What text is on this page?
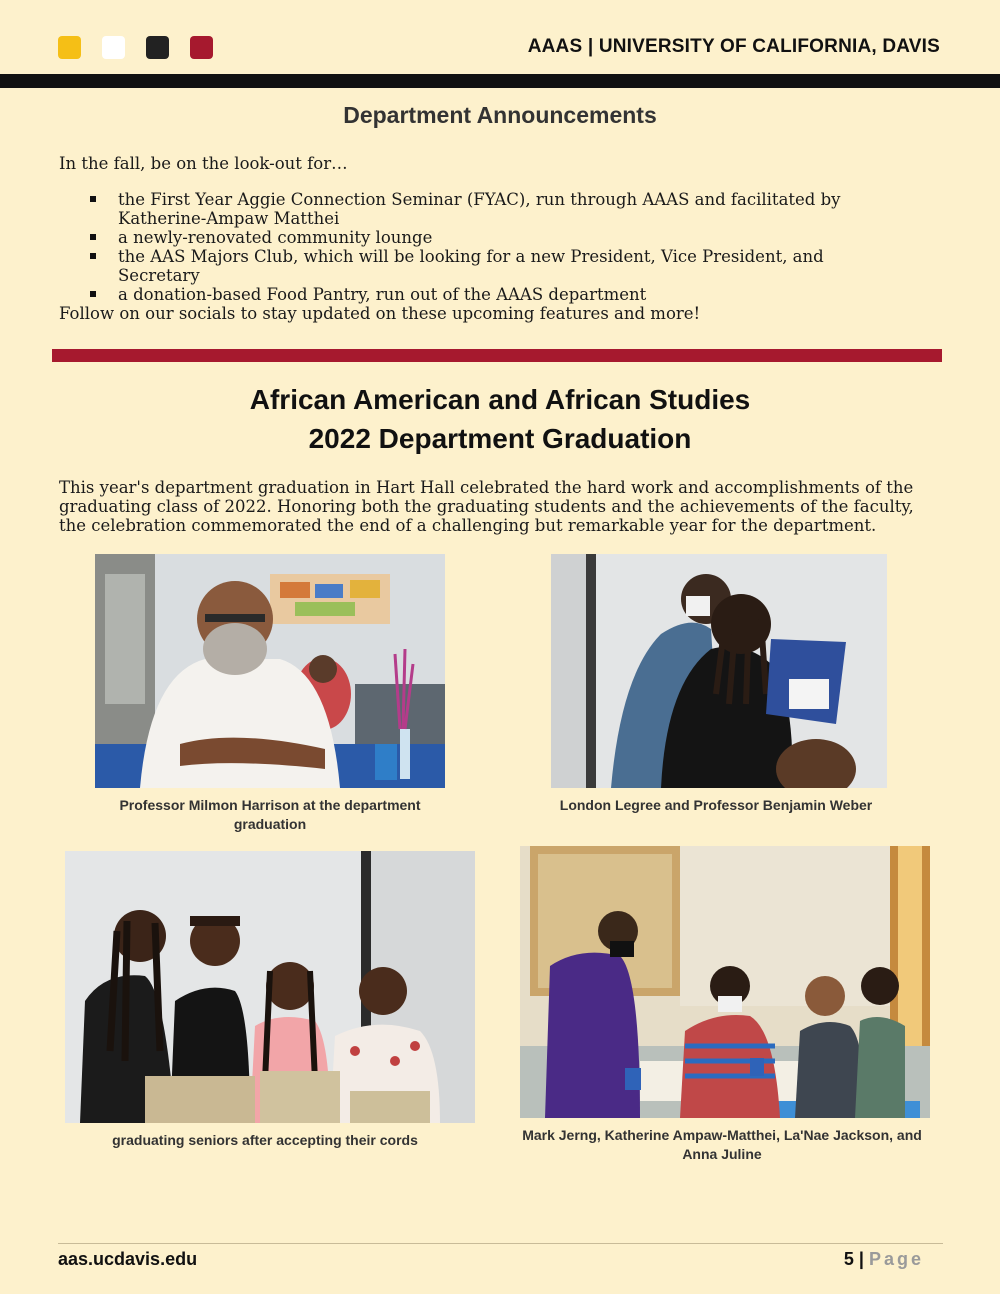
AAAS | UNIVERSITY OF CALIFORNIA, DAVIS
Department Announcements

In the fall, be on the look-out for…

the First Year Aggie Connection Seminar (FYAC), run through AAAS and facilitated by Katherine-Ampaw Matthei
a newly-renovated community lounge
the AAS Majors Club, which will be looking for a new President, Vice President, and Secretary
a donation-based Food Pantry, run out of the AAAS department

Follow on our socials to stay updated on these upcoming features and more!

African American and African Studies
2022 Department Graduation

This year's department graduation in Hart Hall celebrated the hard work and accomplishments of the graduating class of 2022. Honoring both the graduating students and the achievements of the faculty, the celebration commemorated the end of a challenging but remarkable year for the department.

Professor Milmon Harrison at the department graduation
London Legree and Professor Benjamin Weber
graduating seniors after accepting their cords	Mark Jerng, Katherine Ampaw-Matthei, La'Nae Jackson, and Anna Juline
aas.ucdavis.edu	5 | Page
